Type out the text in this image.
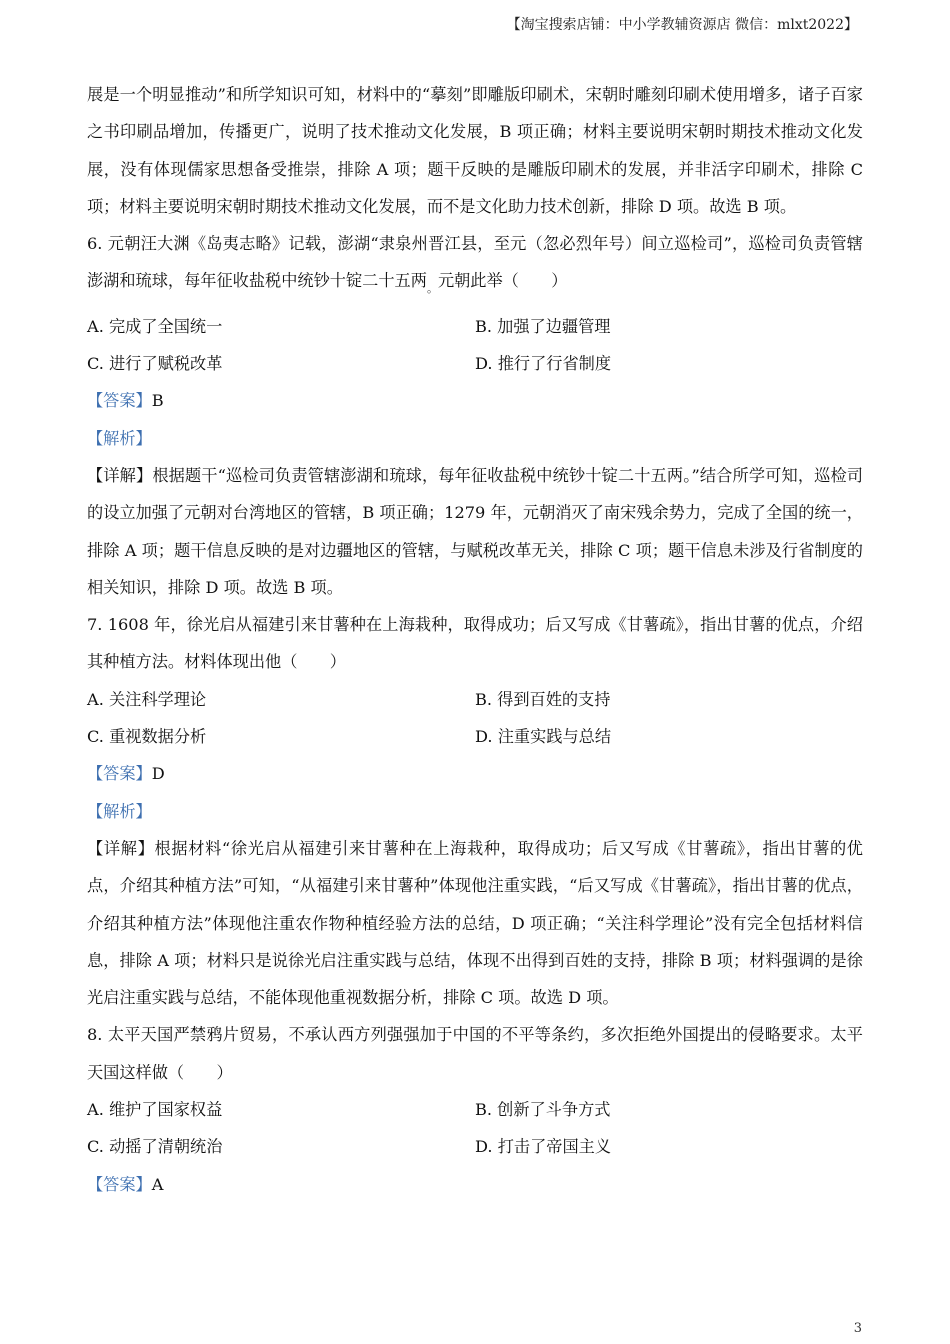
【淘宝搜索店铺：中小学教辅资源店 微信：mlxt2022】

展是一个明显推动”和所学知识可知，材料中的“摹刻”即雕版印刷术，宋朝时雕刻印刷术使用增多，诸子百家之书印刷品增加，传播更广，说明了技术推动文化发展，B 项正确；材料主要说明宋朝时期技术推动文化发展，没有体现儒家思想备受推崇，排除 A 项；题干反映的是雕版印刷术的发展，并非活字印刷术，排除 C 项；材料主要说明宋朝时期技术推动文化发展，而不是文化助力技术创新，排除 D 项。故选 B 项。

6. 元朝汪大渊《岛夷志略》记载，澎湖“隶泉州晋江县，至元（忽必烈年号）间立巡检司”，巡检司负责管辖澎湖和琉球，每年征收盐税中统钞十锭二十五两$_。$元朝此举（　　）

A. 完成了全国统一	B. 加强了边疆管理
C. 进行了赋税改革	D. 推行了行省制度

【答案】B

【解析】

【详解】根据题干“巡检司负责管辖澎湖和琉球，每年征收盐税中统钞十锭二十五两。”结合所学可知，巡检司的设立加强了元朝对台湾地区的管辖，B 项正确；1279 年，元朝消灭了南宋残余势力，完成了全国的统一，排除 A 项；题干信息反映的是对边疆地区的管辖，与赋税改革无关，排除 C 项；题干信息未涉及行省制度的相关知识，排除 D 项。故选 B 项。

7. 1608 年，徐光启从福建引来甘薯种在上海栽种，取得成功；后又写成《甘薯疏》，指出甘薯的优点，介绍其种植方法。材料体现出他（　　）

A. 关注科学理论	B. 得到百姓的支持
C. 重视数据分析	D. 注重实践与总结

【答案】D

【解析】

【详解】根据材料“徐光启从福建引来甘薯种在上海栽种，取得成功；后又写成《甘薯疏》，指出甘薯的优点，介绍其种植方法”可知，“从福建引来甘薯种”体现他注重实践，“后又写成《甘薯疏》，指出甘薯的优点，介绍其种植方法”体现他注重农作物种植经验方法的总结，D 项正确；“关注科学理论”没有完全包括材料信息，排除 A 项；材料只是说徐光启注重实践与总结，体现不出得到百姓的支持，排除 B 项；材料强调的是徐光启注重实践与总结，不能体现他重视数据分析，排除 C 项。故选 D 项。

8. 太平天国严禁鸦片贸易，不承认西方列强强加于中国的不平等条约，多次拒绝外国提出的侵略要求。太平天国这样做（　　）

A. 维护了国家权益	B. 创新了斗争方式
C. 动摇了清朝统治	D. 打击了帝国主义

【答案】A

3
